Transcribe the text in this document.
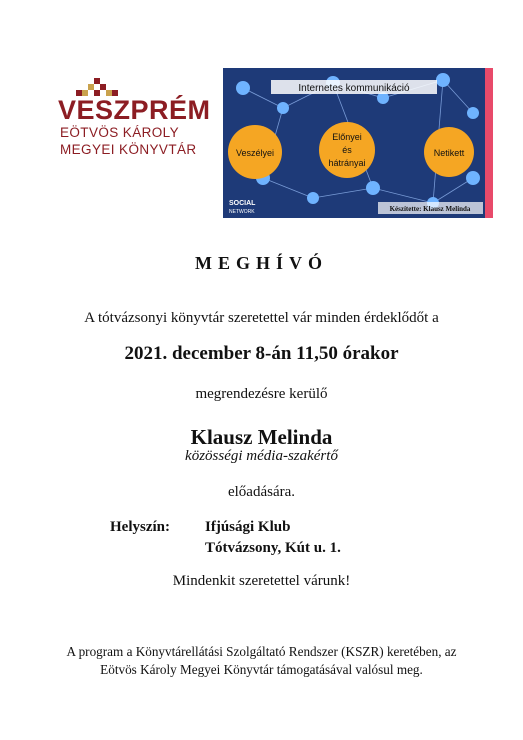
VESZPRÉM
EÖTVÖS KÁROLY
MEGYEI KÖNYVTÁR
Internetes kommunikáció
Veszélyei
Előnyei
és
hátrányai
Netikett
SOCIAL
NETWORK	Készítette: Klausz Melinda
MEGHÍVÓ
A tótvázsonyi könyvtár szeretettel vár minden érdeklődőt a
2021. december 8-án 11,50 órakor
megrendezésre kerülő
Klausz Melinda
közösségi média-szakértő
előadására.
Helyszín: Ifjúsági Klub
Tótvázsony, Kút u. 1.
Mindenkit szeretettel várunk!
A program a Könyvtárellátási Szolgáltató Rendszer (KSZR) keretében, az
Eötvös Károly Megyei Könyvtár támogatásával valósul meg.
